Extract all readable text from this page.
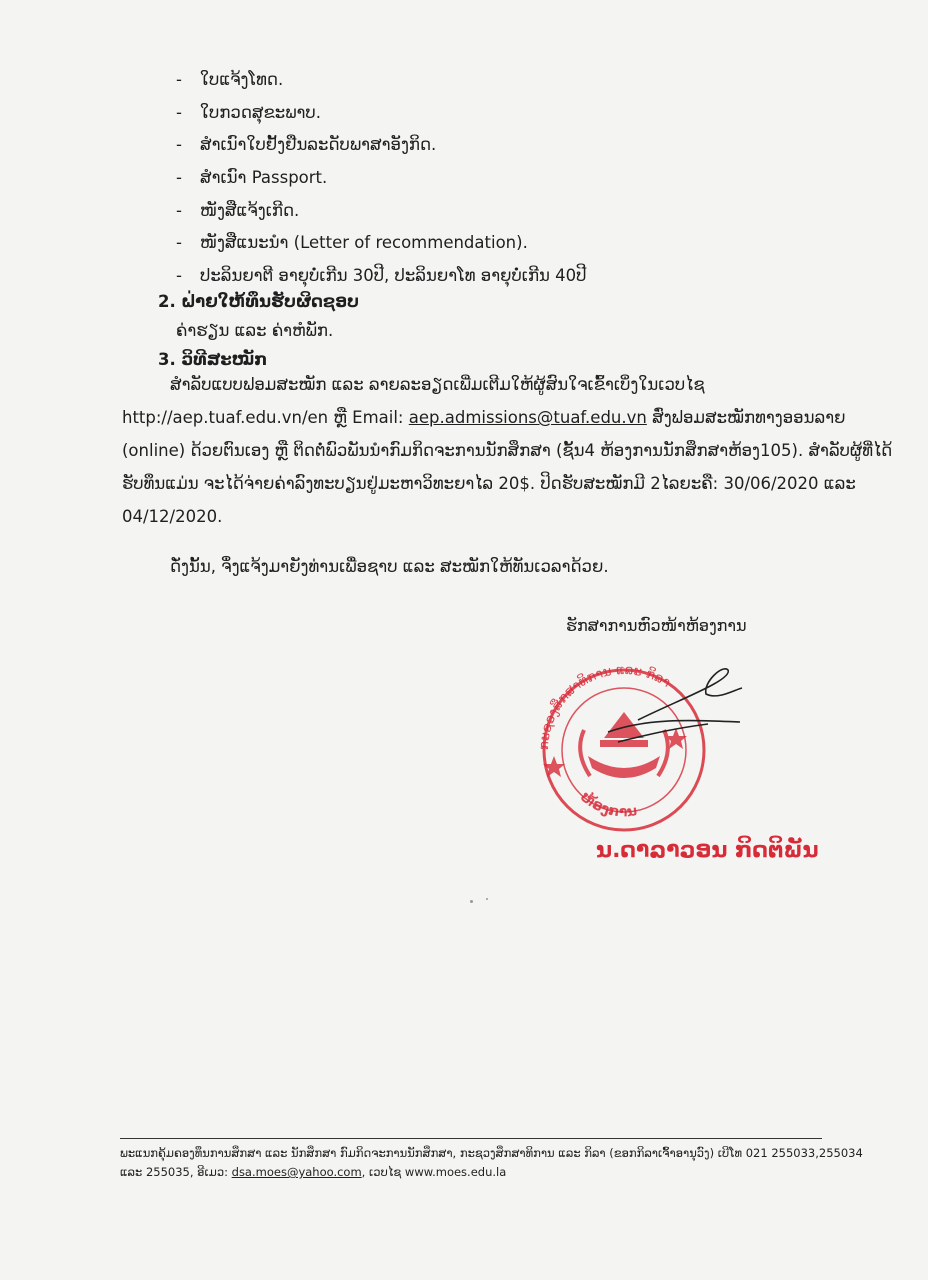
-	ໃບແຈ້ງໂທດ.
-	ໃບກວດສຸຂະພາບ.
-	ສຳເນົາໃບຢັ້ງຢືນລະດັບພາສາອັງກິດ.
-	ສຳເນົາ Passport.
-	ໜັງສືແຈ້ງເກີດ.
-	ໜັງສືແນະນຳ (Letter of recommendation).
-	ປະລິນຍາຕີ ອາຍຸບໍ່ເກີນ 30ປີ, ປະລິນຍາໂທ ອາຍຸບໍ່ເກີນ 40ປີ
2. ຝ່າຍໃຫ້ທຶນຮັບຜິດຊອບ
ຄ່າຮຽນ ແລະ ຄ່າຫໍພັກ.
3. ວິທີສະໝັກ
ສຳລັບແບບຟອມສະໝັກ ແລະ ລາຍລະອຽດເພີ່ມເຕີມໃຫ້ຜູ້ສົນໃຈເຂົ້າເບິ່ງໃນເວບໄຊ
http://aep.tuaf.edu.vn/en ຫຼື Email: aep.admissions@tuaf.edu.vn ສົ່ງຟອມສະໝັກທາງອອນລາຍ
(online) ດ້ວຍຕົນເອງ ຫຼື ຕິດຕໍ່ພົວພັນນຳກົມກິດຈະການນັກສຶກສາ (ຊັ້ນ4 ຫ້ອງການນັກສຶກສາຫ້ອງ105). ສຳລັບຜູ້ທີ່ໄດ້
ຮັບທຶນແມ່ນ ຈະໄດ້ຈ່າຍຄ່າລົງທະບຽນຢູ່ມະຫາວິທະຍາໄລ 20$. ປິດຮັບສະໝັກມີ 2ໄລຍະຄື: 30/06/2020 ແລະ
04/12/2020.
ດັ່ງນັ້ນ, ຈຶ່ງແຈ້ງມາຍັງທ່ານເພື່ອຊາບ ແລະ ສະໝັກໃຫ້ທັນເວລາດ້ວຍ.
ຮັກສາການຫົວໜ້າຫ້ອງການ
ກະຊວງສຶກສາທິການ ແລະ ກິລາ
ຫ້ອງການ
ນ.ດາລາວອນ ກິດຕິພັນ
ພະແນກຄຸ້ມຄອງທຶນການສຶກສາ ແລະ ນັກສຶກສາ ກົມກິດຈະການນັກສຶກສາ, ກະຊວງສຶກສາທິການ ແລະ ກິລາ (ຂອກກິລາເຈົ້າອານຸວົງ) ເບີໂທ 021 255033,255034
ແລະ 255035, ອີເມວ: dsa.moes@yahoo.com, ເວບໄຊ www.moes.edu.la
